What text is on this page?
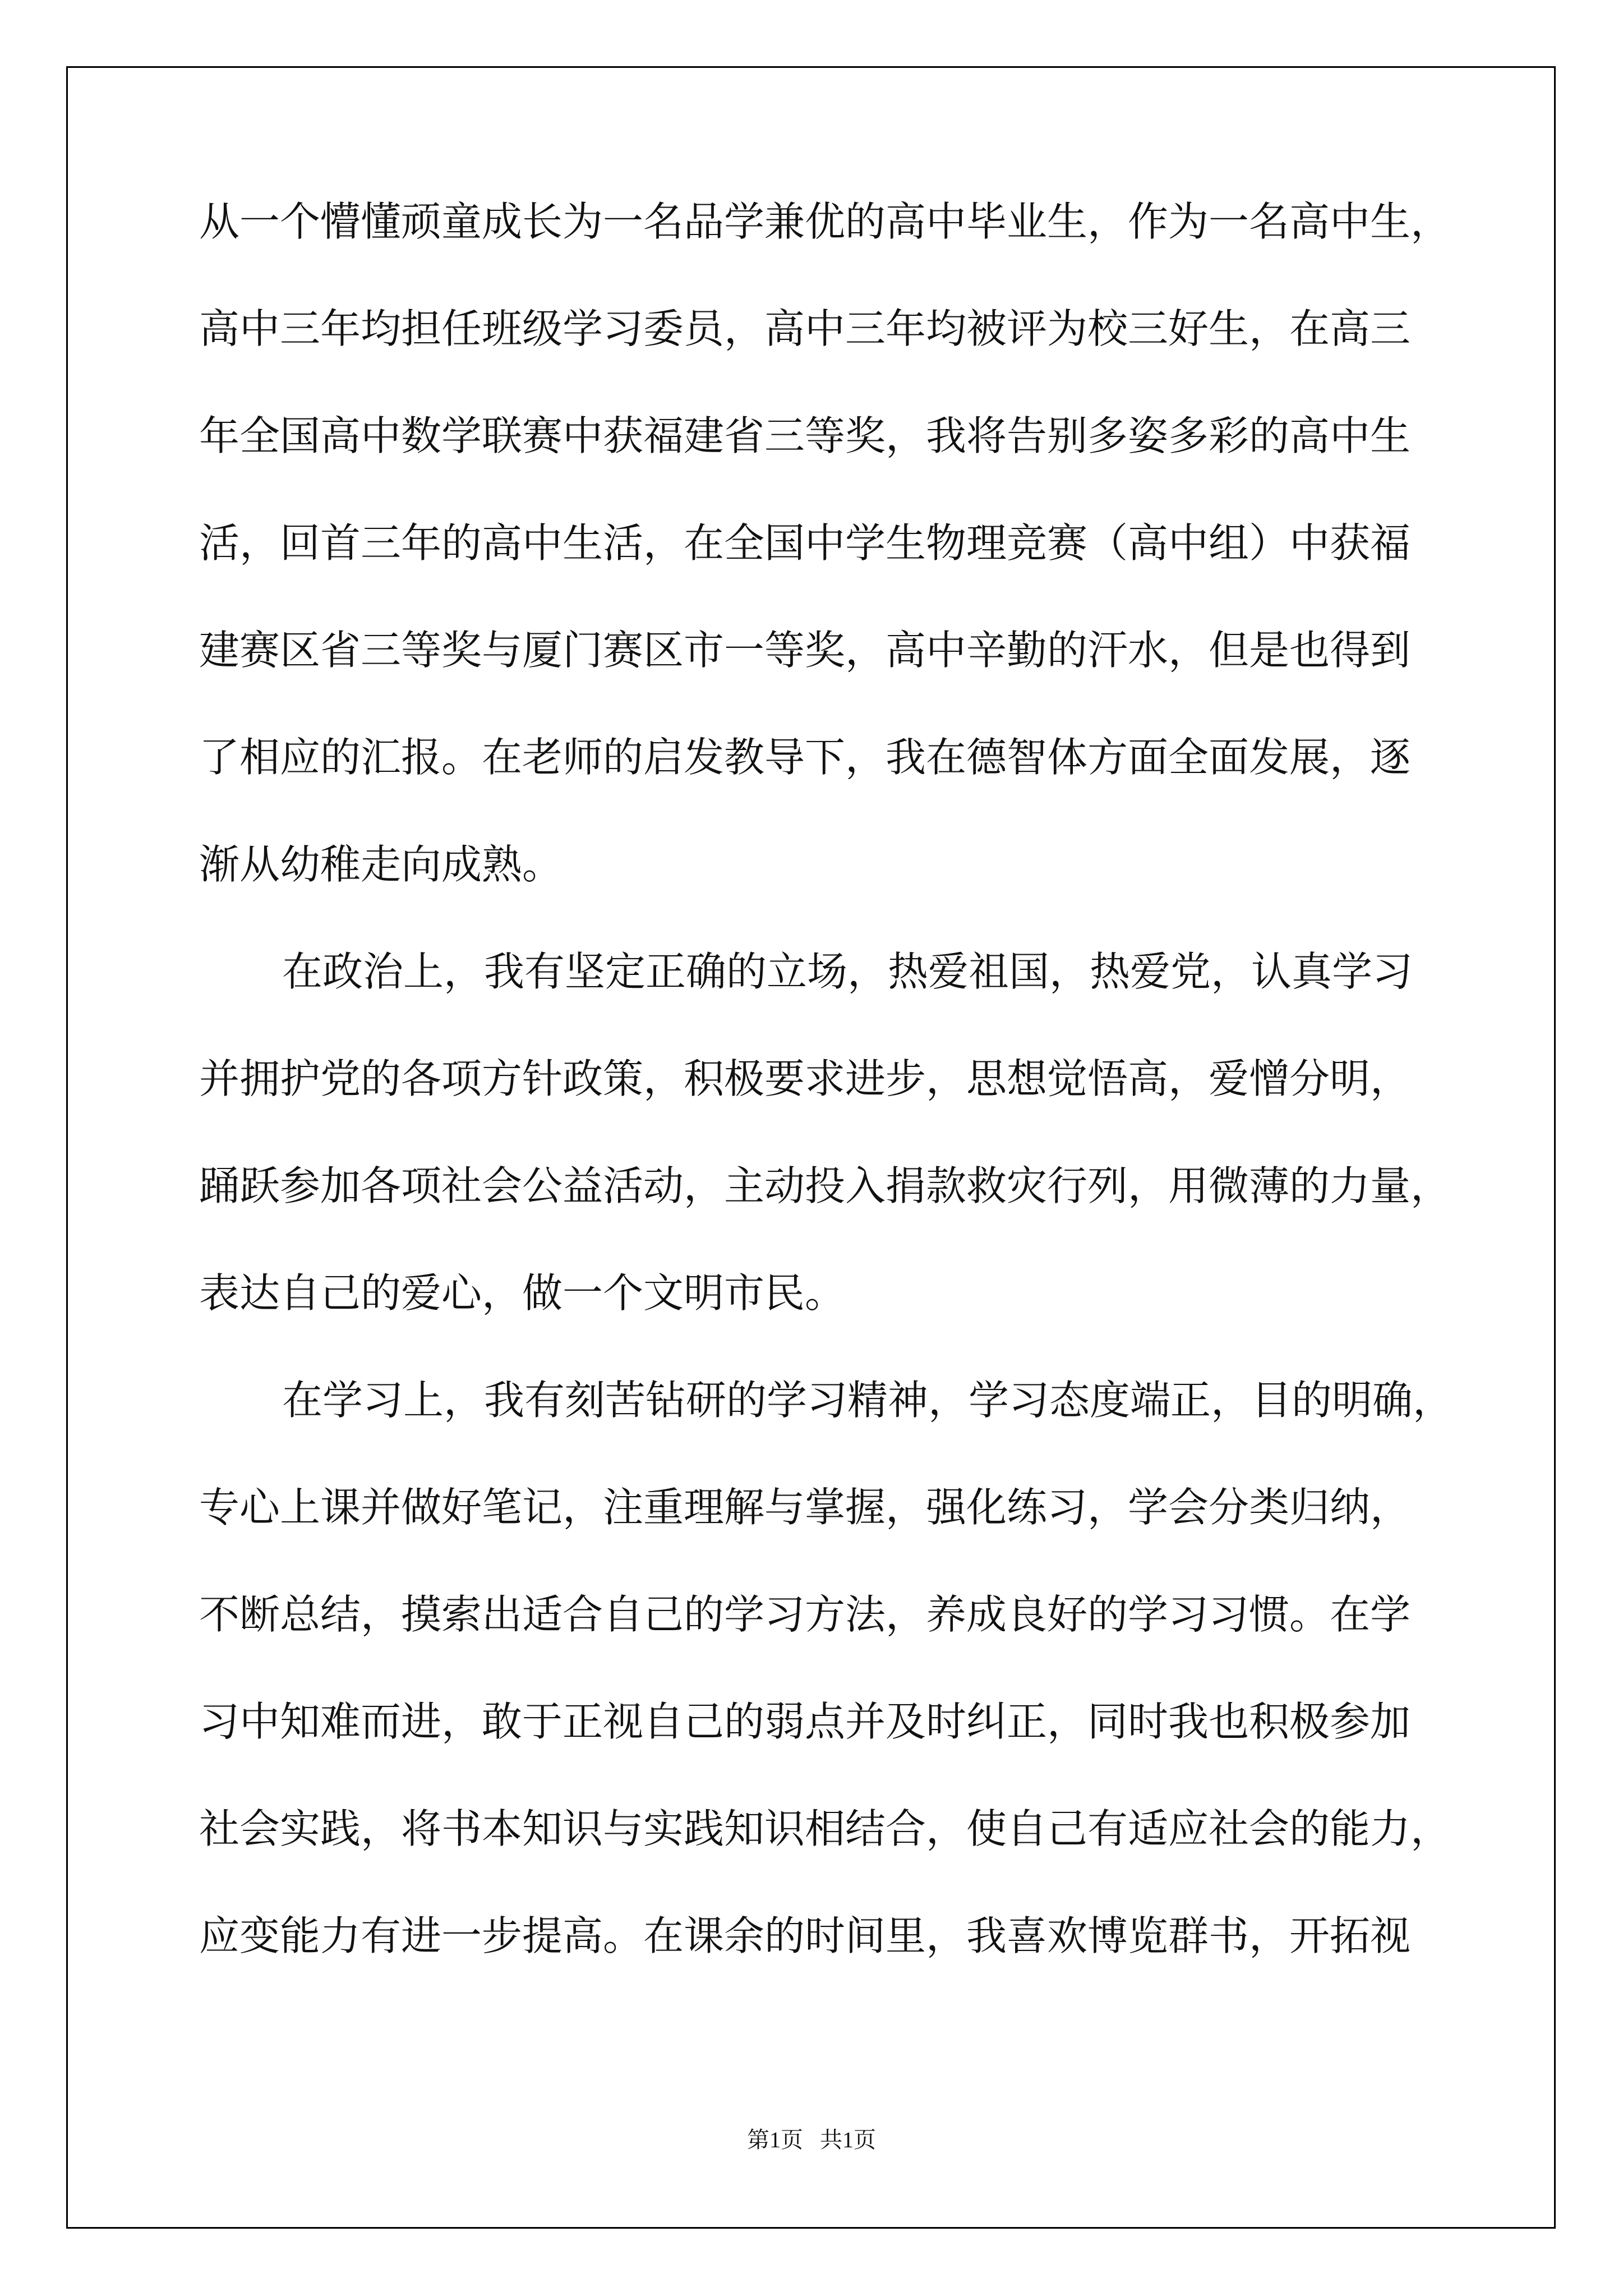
从一个懵懂顽童成长为一名品学兼优的高中毕业生，作为一名高中生，
高中三年均担任班级学习委员，高中三年均被评为校三好生，在高三
年全国高中数学联赛中获福建省三等奖，我将告别多姿多彩的高中生
活，回首三年的高中生活，在全国中学生物理竞赛（高中组）中获福
建赛区省三等奖与厦门赛区市一等奖，高中辛勤的汗水，但是也得到
了相应的汇报。在老师的启发教导下，我在德智体方面全面发展，逐
渐从幼稚走向成熟。
在政治上，我有坚定正确的立场，热爱祖国，热爱党，认真学习
并拥护党的各项方针政策，积极要求进步，思想觉悟高，爱憎分明，
踊跃参加各项社会公益活动，主动投入捐款救灾行列，用微薄的力量，
表达自己的爱心，做一个文明市民。
在学习上，我有刻苦钻研的学习精神，学习态度端正，目的明确，
专心上课并做好笔记，注重理解与掌握，强化练习，学会分类归纳，
不断总结，摸索出适合自己的学习方法，养成良好的学习习惯。在学
习中知难而进，敢于正视自己的弱点并及时纠正，同时我也积极参加
社会实践，将书本知识与实践知识相结合，使自己有适应社会的能力，
应变能力有进一步提高。在课余的时间里，我喜欢博览群书，开拓视
第1页 共1页
